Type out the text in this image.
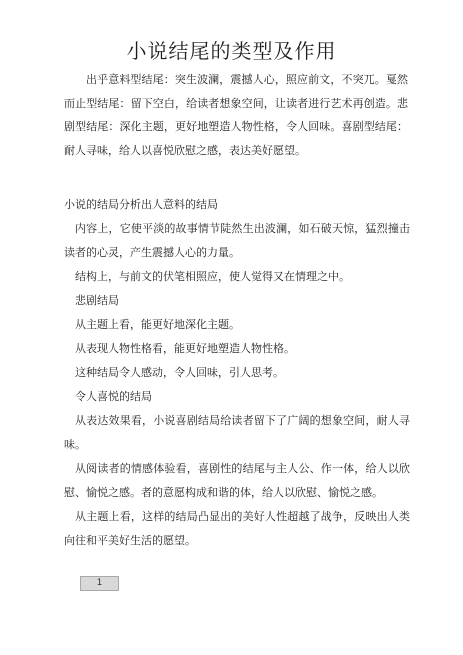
小说结尾的类型及作用

出乎意料型结尾：突生波澜，震撼人心，照应前文，不突兀。戛然而止型结尾：留下空白，给读者想象空间，让读者进行艺术再创造。悲剧型结尾：深化主题，更好地塑造人物性格，令人回味。喜剧型结尾：耐人寻味，给人以喜悦欣慰之感，表达美好愿望。

小说的结局分析出人意料的结局

内容上，它使平淡的故事情节陡然生出波澜，如石破天惊，猛烈撞击读者的心灵，产生震撼人心的力量。

结构上，与前文的伏笔相照应，使人觉得又在情理之中。

悲剧结局

从主题上看，能更好地深化主题。

从表现人物性格看，能更好地塑造人物性格。

这种结局令人感动，令人回味，引人思考。

令人喜悦的结局

从表达效果看，小说喜剧结局给读者留下了广阔的想象空间，耐人寻味。

从阅读者的情感体验看，喜剧性的结尾与主人公、作一体，给人以欣慰、愉悦之感。者的意愿构成和谐的体，给人以欣慰、愉悦之感。

从主题上看，这样的结局凸显出的美好人性超越了战争，反映出人类向往和平美好生活的愿望。

1
